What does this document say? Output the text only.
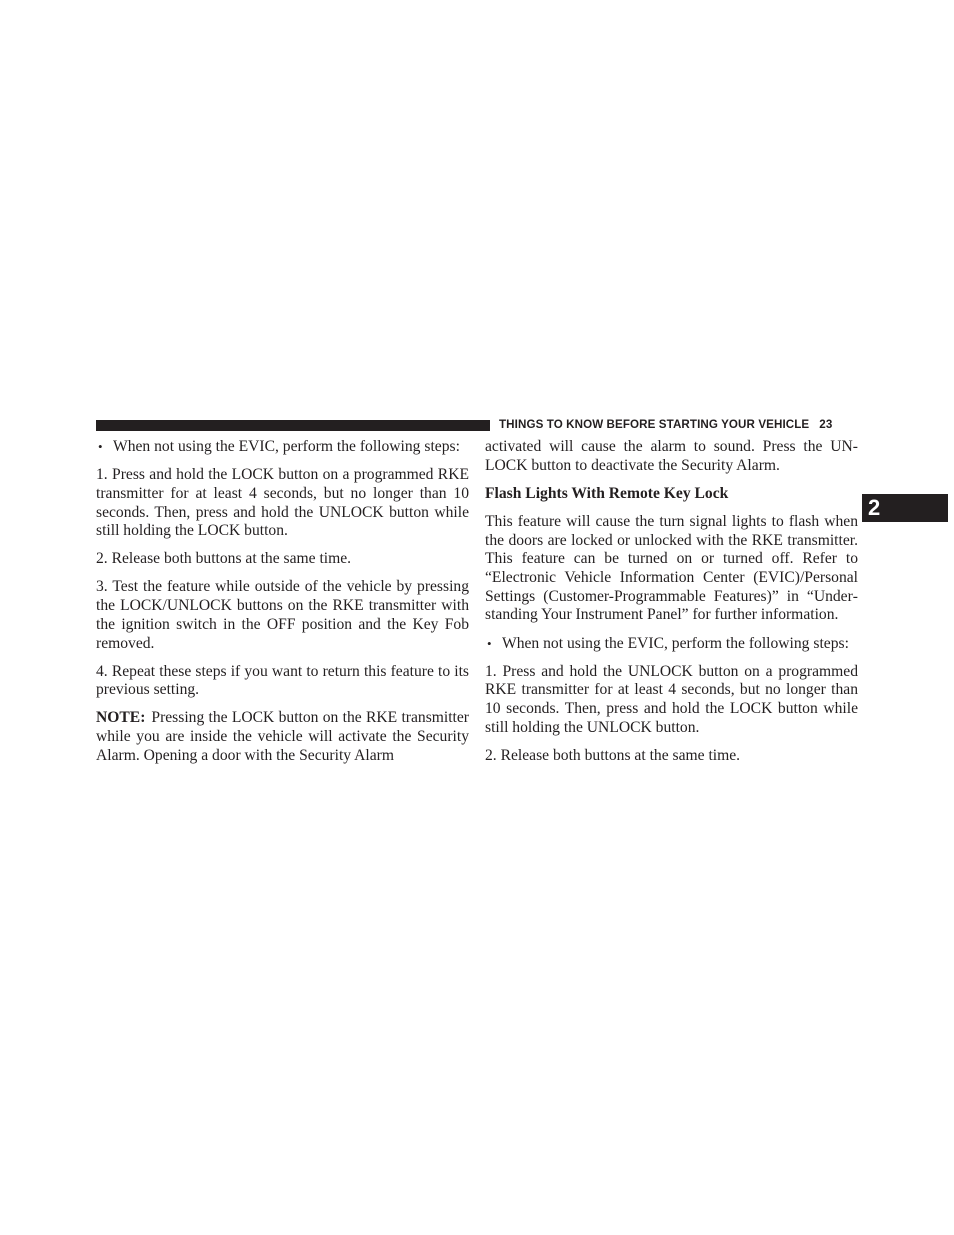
THINGS TO KNOW BEFORE STARTING YOUR VEHICLE 23
2
• When not using the EVIC, perform the following steps:

1. Press and hold the LOCK button on a programmed RKE transmitter for at least 4 seconds, but no longer than 10 seconds. Then, press and hold the UNLOCK button while still holding the LOCK button.

2. Release both buttons at the same time.

3. Test the feature while outside of the vehicle by pressing the LOCK/UNLOCK buttons on the RKE transmitter with the ignition switch in the OFF position and the Key Fob removed.

4. Repeat these steps if you want to return this feature to its previous setting.

NOTE: Pressing the LOCK button on the RKE transmitter while you are inside the vehicle will activate the Security Alarm. Opening a door with the Security Alarm

activated will cause the alarm to sound. Press the UNLOCK button to deactivate the Security Alarm.

Flash Lights With Remote Key Lock

This feature will cause the turn signal lights to flash when the doors are locked or unlocked with the RKE transmitter. This feature can be turned on or turned off. Refer to “Electronic Vehicle Information Center (EVIC)/Personal Settings (Customer-Programmable Features)” in “Understanding Your Instrument Panel” for further information.

• When not using the EVIC, perform the following steps:

1. Press and hold the UNLOCK button on a programmed RKE transmitter for at least 4 seconds, but no longer than 10 seconds. Then, press and hold the LOCK button while still holding the UNLOCK button.

2. Release both buttons at the same time.
